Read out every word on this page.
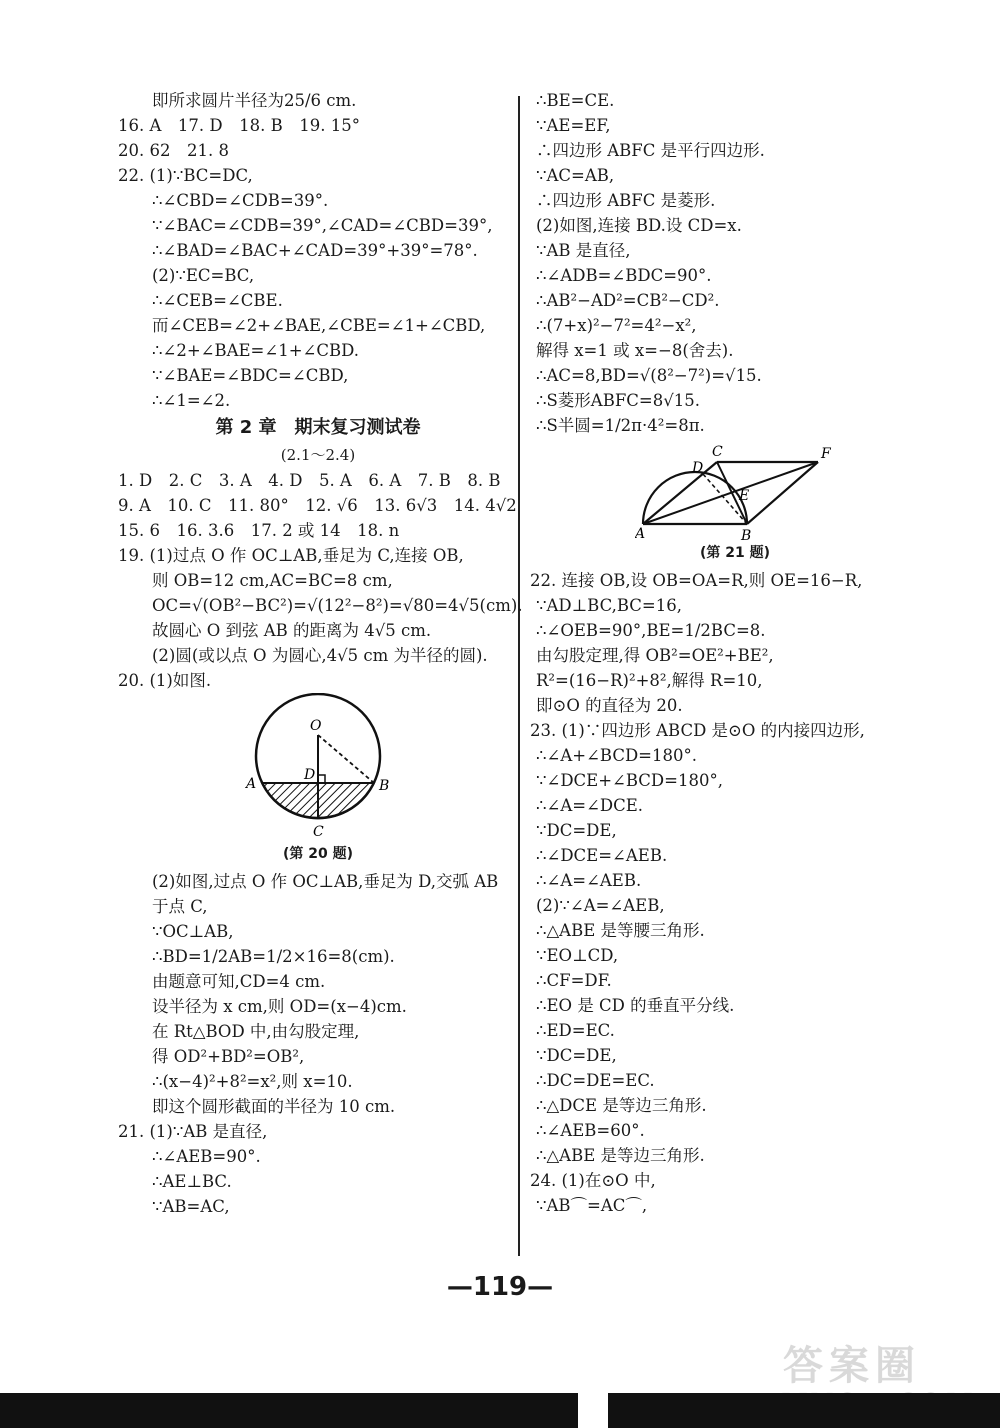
即所求圆片半径为25/6 cm.
16. A　17. D　18. B　19. 15°
20. 62　21. 8
22. (1)∵BC=DC,
∴∠CBD=∠CDB=39°.
∵∠BAC=∠CDB=39°,∠CAD=∠CBD=39°,
∴∠BAD=∠BAC+∠CAD=39°+39°=78°.
(2)∵EC=BC,
∴∠CEB=∠CBE.
而∠CEB=∠2+∠BAE,∠CBE=∠1+∠CBD,
∴∠2+∠BAE=∠1+∠CBD.
∵∠BAE=∠BDC=∠CBD,
∴∠1=∠2.
第 2 章　期末复习测试卷
(2.1～2.4)
1. D　2. C　3. A　4. D　5. A　6. A　7. B　8. B
9. A　10. C　11. 80°　12. √6　13. 6√3　14. 4√2
15. 6　16. 3.6　17. 2 或 14　18. n
19. (1)过点 O 作 OC⊥AB,垂足为 C,连接 OB,
则 OB=12 cm,AC=BC=8 cm,
OC=√(OB²−BC²)=√(12²−8²)=√80=4√5(cm).
故圆心 O 到弦 AB 的距离为 4√5 cm.
(2)圆(或以点 O 为圆心,4√5 cm 为半径的圆).
20. (1)如图.
O
D
A	B
C
(第 20 题)
(2)如图,过点 O 作 OC⊥AB,垂足为 D,交弧 AB
于点 C,
∵OC⊥AB,
∴BD=1/2AB=1/2×16=8(cm).
由题意可知,CD=4 cm.
设半径为 x cm,则 OD=(x−4)cm.
在 Rt△BOD 中,由勾股定理,
得 OD²+BD²=OB²,
∴(x−4)²+8²=x²,则 x=10.
即这个圆形截面的半径为 10 cm.
21. (1)∵AB 是直径,
∴∠AEB=90°.
∴AE⊥BC.
∵AB=AC,
∴BE=CE.
∵AE=EF,
∴四边形 ABFC 是平行四边形.
∵AC=AB,
∴四边形 ABFC 是菱形.
(2)如图,连接 BD.设 CD=x.
∵AB 是直径,
∴∠ADB=∠BDC=90°.
∴AB²−AD²=CB²−CD².
∴(7+x)²−7²=4²−x²,
解得 x=1 或 x=−8(舍去).
∴AC=8,BD=√(8²−7²)=√15.
∴S菱形ABFC=8√15.
∴S半圆=1/2π·4²=8π.
A	B
C
D
E
F
(第 21 题)
22. 连接 OB,设 OB=OA=R,则 OE=16−R,
∵AD⊥BC,BC=16,
∴∠OEB=90°,BE=1/2BC=8.
由勾股定理,得 OB²=OE²+BE²,
R²=(16−R)²+8²,解得 R=10,
即⊙O 的直径为 20.
23. (1)∵四边形 ABCD 是⊙O 的内接四边形,
∴∠A+∠BCD=180°.
∵∠DCE+∠BCD=180°,
∴∠A=∠DCE.
∵DC=DE,
∴∠DCE=∠AEB.
∴∠A=∠AEB.
(2)∵∠A=∠AEB,
∴△ABE 是等腰三角形.
∵EO⊥CD,
∴CF=DF.
∴EO 是 CD 的垂直平分线.
∴ED=EC.
∵DC=DE,
∴DC=DE=EC.
∴△DCE 是等边三角形.
∴∠AEB=60°.
∴△ABE 是等边三角形.
24. (1)在⊙O 中,
∵AB⌒=AC⌒,
—119—
答案圈
